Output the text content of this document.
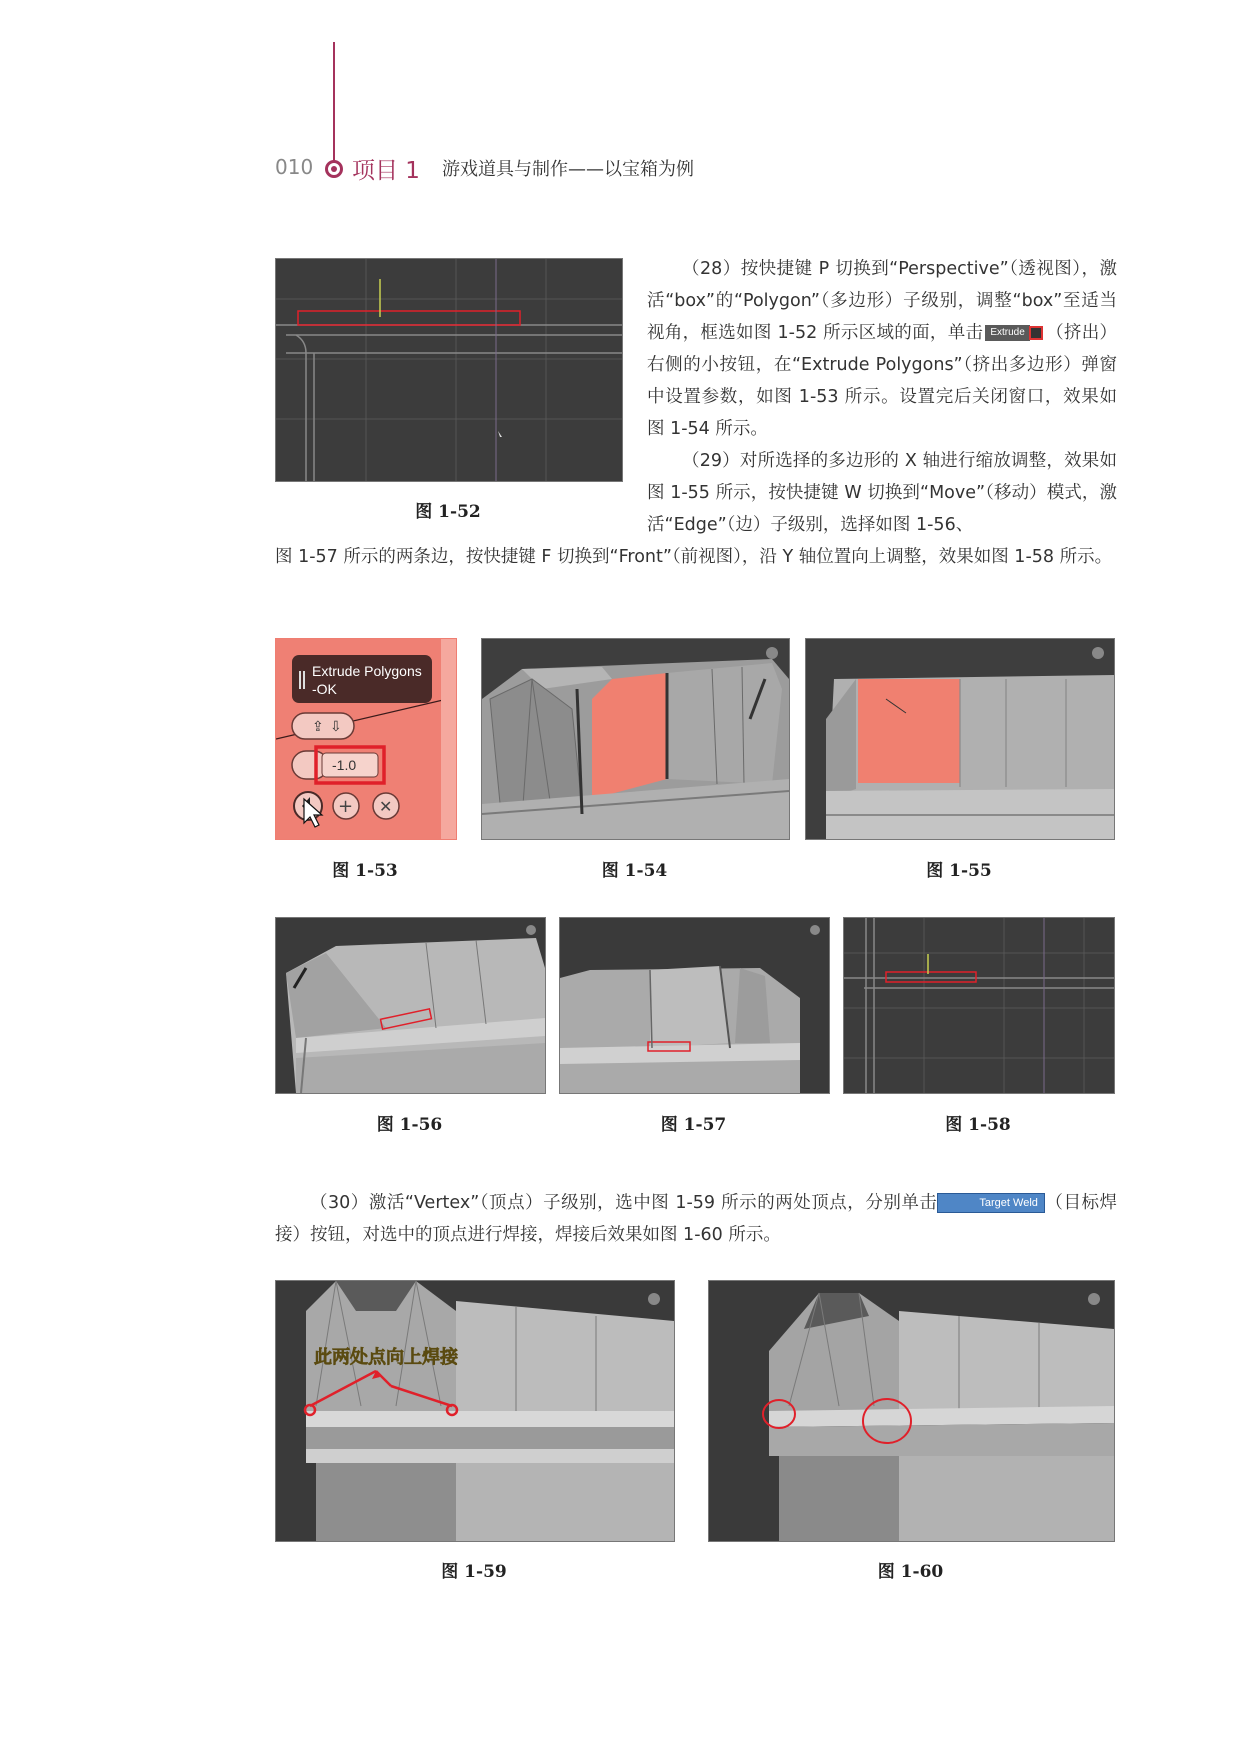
010 项目 1 游戏道具与制作——以宝箱为例
图 1-52

（28）按快捷键 P 切换到“Perspective”（透视图），激活“box”的“Polygon”（多边形）子级别，调整“box”至适当视角，框选如图 1-52 所示区域的面，单击 Extrude （挤出）右侧的小按钮，在“Extrude Polygons”（挤出多边形）弹窗中设置参数，如图 1-53 所示。设置完后关闭窗口，效果如图 1-54 所示。

（29）对所选择的多边形的 X 轴进行缩放调整，效果如图 1-55 所示，按快捷键 W 切换到“Move”（移动）模式，激活“Edge”（边）子级别，选择如图 1-56、

图 1-57 所示的两条边，按快捷键 F 切换到“Front”（前视图），沿 Y 轴位置向上调整，效果如图 1-58 所示。

Extrude Polygons
-OK
⇪ ⇩
-1.0
+ ✕
图 1-53	图 1-54	图 1-55
图 1-56	图 1-57	图 1-58

（30）激活“Vertex”（顶点）子级别，选中图 1-59 所示的两处顶点，分别单击	Target Weld （目标焊接）按钮，对选中的顶点进行焊接，焊接后效果如图 1-60 所示。

此两处点向上焊接
图 1-59	图 1-60
